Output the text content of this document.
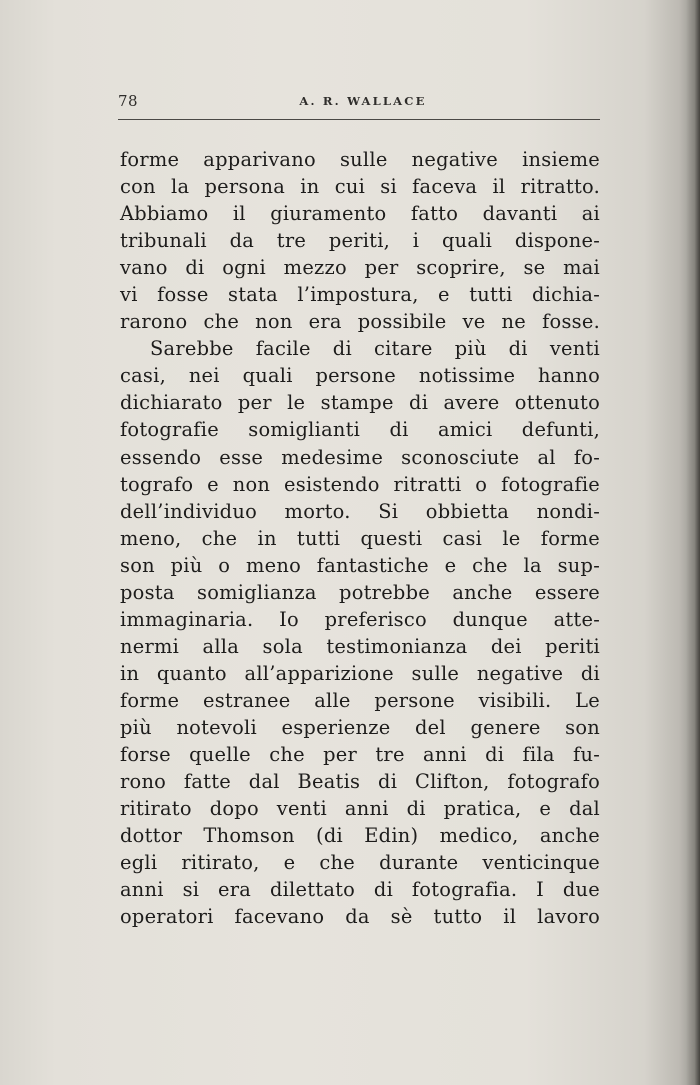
78	A. R. WALLACE
forme apparivano sulle negative insieme
con la persona in cui si faceva il ritratto.
Abbiamo il giuramento fatto davanti ai
tribunali da tre periti, i quali dispone-
vano di ogni mezzo per scoprire, se mai
vi fosse stata l’impostura, e tutti dichia-
rarono che non era possibile ve ne fosse.
Sarebbe facile di citare più di venti
casi, nei quali persone notissime hanno
dichiarato per le stampe di avere ottenuto
fotografie somiglianti di amici defunti,
essendo esse medesime sconosciute al fo-
tografo e non esistendo ritratti o fotografie
dell’individuo morto. Si obbietta nondi-
meno, che in tutti questi casi le forme
son più o meno fantastiche e che la sup-
posta somiglianza potrebbe anche essere
immaginaria. Io preferisco dunque atte-
nermi alla sola testimonianza dei periti
in quanto all’apparizione sulle negative di
forme estranee alle persone visibili. Le
più notevoli esperienze del genere son
forse quelle che per tre anni di fila fu-
rono fatte dal Beatis di Clifton, fotografo
ritirato dopo venti anni di pratica, e dal
dottor Thomson (di Edin) medico, anche
egli ritirato, e che durante venticinque
anni si era dilettato di fotografia. I due
operatori facevano da sè tutto il lavoro
